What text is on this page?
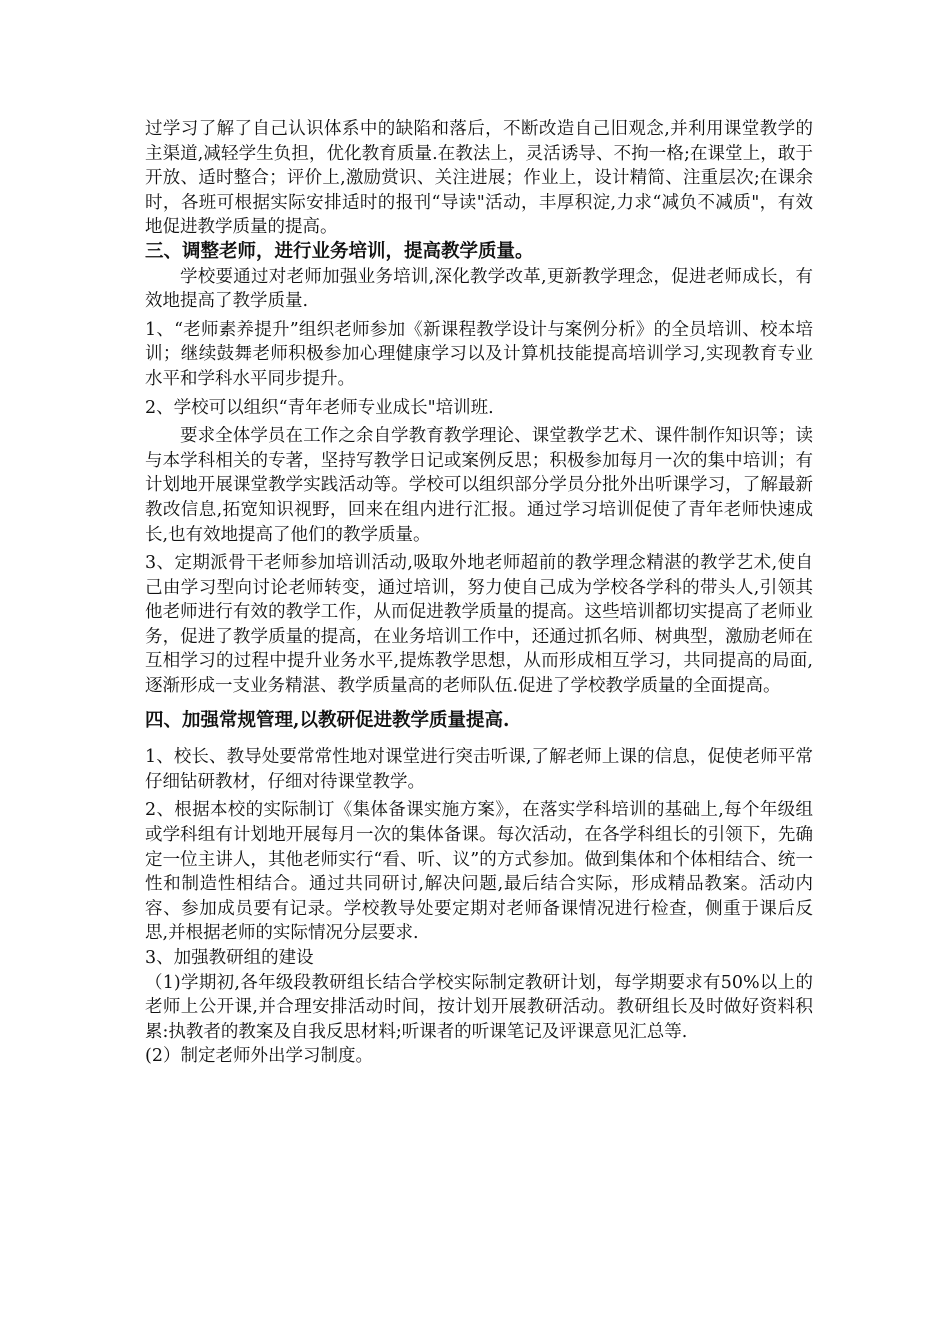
过学习了解了自己认识体系中的缺陷和落后，不断改造自己旧观念,并利用课堂教学的主渠道,减轻学生负担，优化教育质量.在教法上，灵活诱导、不拘一格;在课堂上，敢于开放、适时整合；评价上,激励赏识、关注进展；作业上，设计精简、注重层次;在课余时，各班可根据实际安排适时的报刊“导读"活动，丰厚积淀,力求“减负不减质"，有效地促进教学质量的提高。

三、调整老师，进行业务培训，提高教学质量。

学校要通过对老师加强业务培训,深化教学改革,更新教学理念，促进老师成长，有效地提高了教学质量.

1、“老师素养提升”组织老师参加《新课程教学设计与案例分析》的全员培训、校本培训；继续鼓舞老师积极参加心理健康学习以及计算机技能提高培训学习,实现教育专业水平和学科水平同步提升。

2、学校可以组织“青年老师专业成长"培训班.

要求全体学员在工作之余自学教育教学理论、课堂教学艺术、课件制作知识等；读与本学科相关的专著，坚持写教学日记或案例反思；积极参加每月一次的集中培训；有计划地开展课堂教学实践活动等。学校可以组织部分学员分批外出听课学习，了解最新教改信息,拓宽知识视野，回来在组内进行汇报。通过学习培训促使了青年老师快速成长,也有效地提高了他们的教学质量。

3、定期派骨干老师参加培训活动,吸取外地老师超前的教学理念精湛的教学艺术,使自己由学习型向讨论老师转变，通过培训，努力使自己成为学校各学科的带头人,引领其他老师进行有效的教学工作，从而促进教学质量的提高。这些培训都切实提高了老师业务，促进了教学质量的提高，在业务培训工作中，还通过抓名师、树典型，激励老师在互相学习的过程中提升业务水平,提炼教学思想，从而形成相互学习，共同提高的局面,逐渐形成一支业务精湛、教学质量高的老师队伍.促进了学校教学质量的全面提高。

四、加强常规管理,以教研促进教学质量提高.

1、校长、教导处要常常性地对课堂进行突击听课,了解老师上课的信息，促使老师平常仔细钻研教材，仔细对待课堂教学。

2、根据本校的实际制订《集体备课实施方案》，在落实学科培训的基础上,每个年级组或学科组有计划地开展每月一次的集体备课。每次活动，在各学科组长的引领下，先确定一位主讲人，其他老师实行“看、听、议”的方式参加。做到集体和个体相结合、统一性和制造性相结合。通过共同研讨,解决问题,最后结合实际，形成精品教案。活动内容、参加成员要有记录。学校教导处要定期对老师备课情况进行检查，侧重于课后反思,并根据老师的实际情况分层要求.

3、加强教研组的建设

（1)学期初,各年级段教研组长结合学校实际制定教研计划，每学期要求有50%以上的老师上公开课,并合理安排活动时间，按计划开展教研活动。教研组长及时做好资料积累:执教者的教案及自我反思材料;听课者的听课笔记及评课意见汇总等.

(2）制定老师外出学习制度。
